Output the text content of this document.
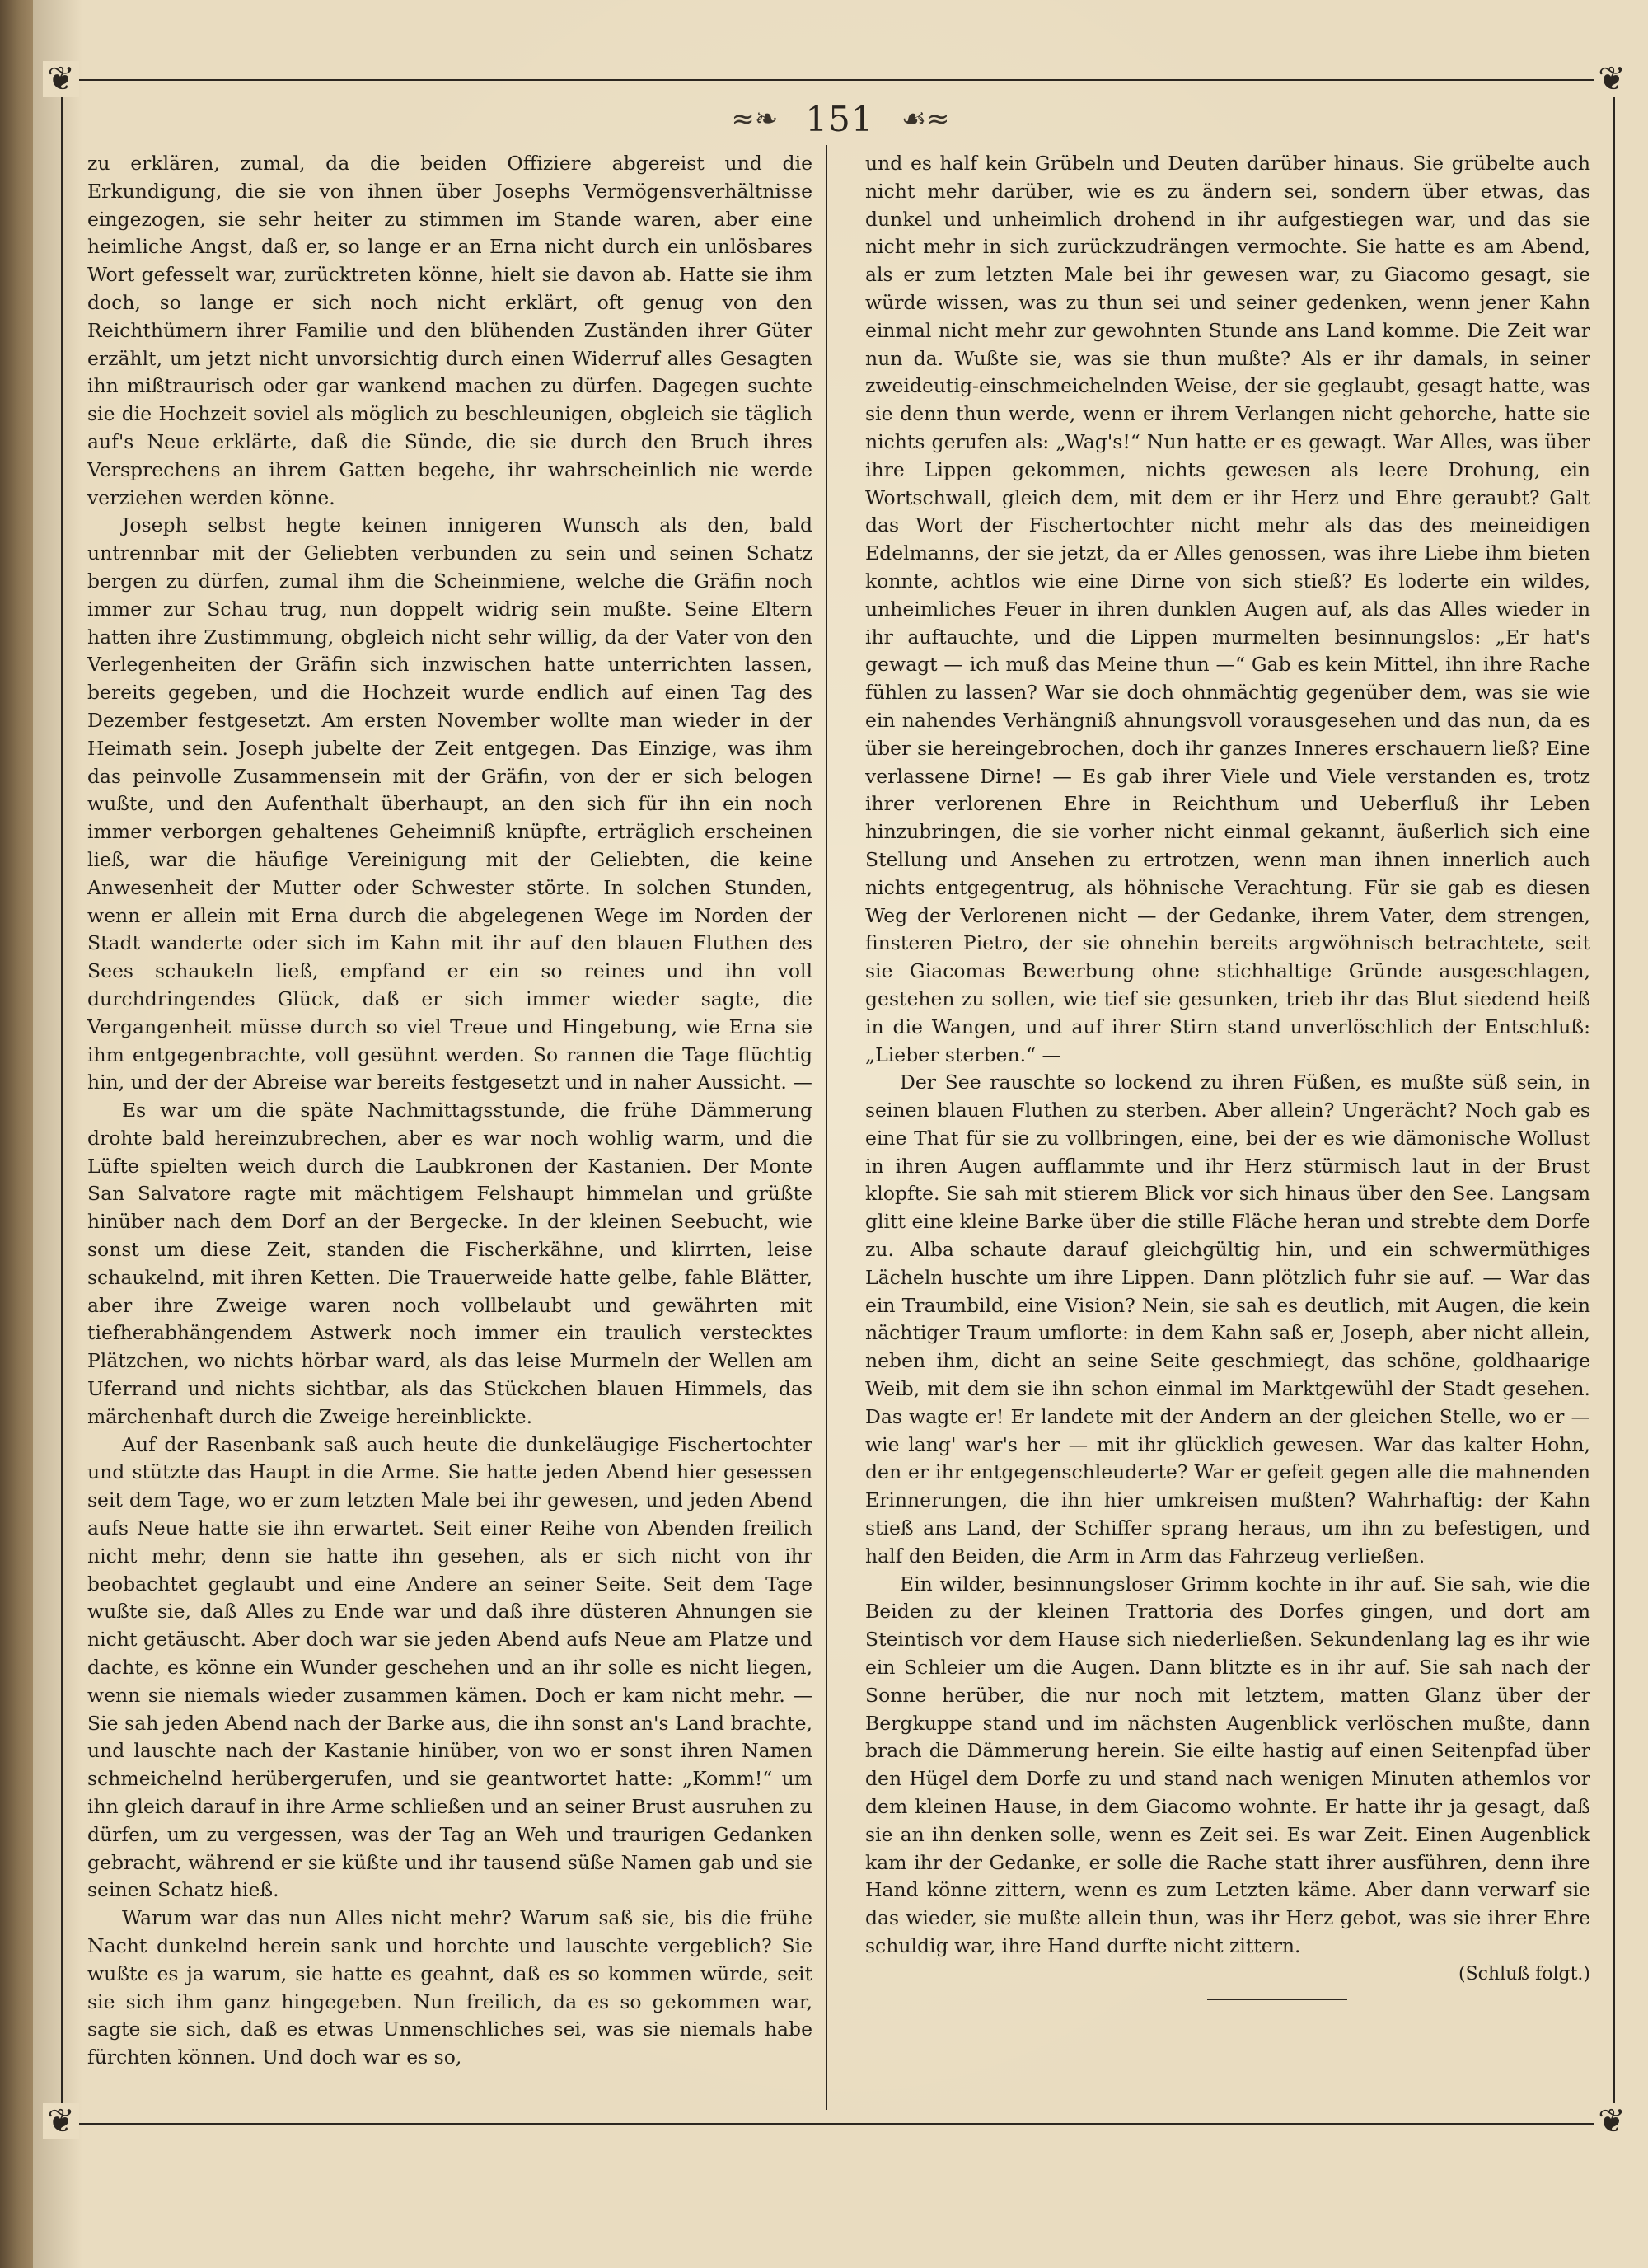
❦	❦
❦	❦
≈❧ 151 ☙≈

zu erklären, zumal, da die beiden Offiziere abgereist und die Erkundigung, die sie von ihnen über Josephs Vermögensverhältnisse eingezogen, sie sehr heiter zu stimmen im Stande waren, aber eine heimliche Angst, daß er, so lange er an Erna nicht durch ein unlösbares Wort gefesselt war, zurücktreten könne, hielt sie davon ab. Hatte sie ihm doch, so lange er sich noch nicht erklärt, oft genug von den Reichthümern ihrer Familie und den blühenden Zuständen ihrer Güter erzählt, um jetzt nicht unvorsichtig durch einen Widerruf alles Gesagten ihn mißtraurisch oder gar wankend machen zu dürfen. Dagegen suchte sie die Hochzeit soviel als möglich zu beschleunigen, obgleich sie täglich auf's Neue erklärte, daß die Sünde, die sie durch den Bruch ihres Versprechens an ihrem Gatten begehe, ihr wahrscheinlich nie werde verziehen werden könne.

Joseph selbst hegte keinen innigeren Wunsch als den, bald untrennbar mit der Geliebten verbunden zu sein und seinen Schatz bergen zu dürfen, zumal ihm die Scheinmiene, welche die Gräfin noch immer zur Schau trug, nun doppelt widrig sein mußte. Seine Eltern hatten ihre Zustimmung, obgleich nicht sehr willig, da der Vater von den Verlegenheiten der Gräfin sich inzwischen hatte unterrichten lassen, bereits gegeben, und die Hochzeit wurde endlich auf einen Tag des Dezember festgesetzt. Am ersten November wollte man wieder in der Heimath sein. Joseph jubelte der Zeit entgegen. Das Einzige, was ihm das peinvolle Zusammensein mit der Gräfin, von der er sich belogen wußte, und den Aufenthalt überhaupt, an den sich für ihn ein noch immer verborgen gehaltenes Geheimniß knüpfte, erträglich erscheinen ließ, war die häufige Vereinigung mit der Geliebten, die keine Anwesenheit der Mutter oder Schwester störte. In solchen Stunden, wenn er allein mit Erna durch die abgelegenen Wege im Norden der Stadt wanderte oder sich im Kahn mit ihr auf den blauen Fluthen des Sees schaukeln ließ, empfand er ein so reines und ihn voll durchdringendes Glück, daß er sich immer wieder sagte, die Vergangenheit müsse durch so viel Treue und Hingebung, wie Erna sie ihm entgegenbrachte, voll gesühnt werden. So rannen die Tage flüchtig hin, und der der Abreise war bereits festgesetzt und in naher Aussicht. —

Es war um die späte Nachmittagsstunde, die frühe Dämmerung drohte bald hereinzubrechen, aber es war noch wohlig warm, und die Lüfte spielten weich durch die Laubkronen der Kastanien. Der Monte San Salvatore ragte mit mächtigem Felshaupt himmelan und grüßte hinüber nach dem Dorf an der Bergecke. In der kleinen Seebucht, wie sonst um diese Zeit, standen die Fischerkähne, und klirrten, leise schaukelnd, mit ihren Ketten. Die Trauerweide hatte gelbe, fahle Blätter, aber ihre Zweige waren noch vollbelaubt und gewährten mit tiefherabhängendem Astwerk noch immer ein traulich verstecktes Plätzchen, wo nichts hörbar ward, als das leise Murmeln der Wellen am Uferrand und nichts sichtbar, als das Stückchen blauen Himmels, das märchenhaft durch die Zweige hereinblickte.

Auf der Rasenbank saß auch heute die dunkeläugige Fischertochter und stützte das Haupt in die Arme. Sie hatte jeden Abend hier gesessen seit dem Tage, wo er zum letzten Male bei ihr gewesen, und jeden Abend aufs Neue hatte sie ihn erwartet. Seit einer Reihe von Abenden freilich nicht mehr, denn sie hatte ihn gesehen, als er sich nicht von ihr beobachtet geglaubt und eine Andere an seiner Seite. Seit dem Tage wußte sie, daß Alles zu Ende war und daß ihre düsteren Ahnungen sie nicht getäuscht. Aber doch war sie jeden Abend aufs Neue am Platze und dachte, es könne ein Wunder geschehen und an ihr solle es nicht liegen, wenn sie niemals wieder zusammen kämen. Doch er kam nicht mehr. — Sie sah jeden Abend nach der Barke aus, die ihn sonst an's Land brachte, und lauschte nach der Kastanie hinüber, von wo er sonst ihren Namen schmeichelnd herübergerufen, und sie geantwortet hatte: „Komm!“ um ihn gleich darauf in ihre Arme schließen und an seiner Brust ausruhen zu dürfen, um zu vergessen, was der Tag an Weh und traurigen Gedanken gebracht, während er sie küßte und ihr tausend süße Namen gab und sie seinen Schatz hieß.

Warum war das nun Alles nicht mehr? Warum saß sie, bis die frühe Nacht dunkelnd herein sank und horchte und lauschte vergeblich? Sie wußte es ja warum, sie hatte es geahnt, daß es so kommen würde, seit sie sich ihm ganz hingegeben. Nun freilich, da es so gekommen war, sagte sie sich, daß es etwas Unmenschliches sei, was sie niemals habe fürchten können. Und doch war es so,

und es half kein Grübeln und Deuten darüber hinaus. Sie grübelte auch nicht mehr darüber, wie es zu ändern sei, sondern über etwas, das dunkel und unheimlich drohend in ihr aufgestiegen war, und das sie nicht mehr in sich zurückzudrängen vermochte. Sie hatte es am Abend, als er zum letzten Male bei ihr gewesen war, zu Giacomo gesagt, sie würde wissen, was zu thun sei und seiner gedenken, wenn jener Kahn einmal nicht mehr zur gewohnten Stunde ans Land komme. Die Zeit war nun da. Wußte sie, was sie thun mußte? Als er ihr damals, in seiner zweideutig-einschmeichelnden Weise, der sie geglaubt, gesagt hatte, was sie denn thun werde, wenn er ihrem Verlangen nicht gehorche, hatte sie nichts gerufen als: „Wag's!“ Nun hatte er es gewagt. War Alles, was über ihre Lippen gekommen, nichts gewesen als leere Drohung, ein Wortschwall, gleich dem, mit dem er ihr Herz und Ehre geraubt? Galt das Wort der Fischertochter nicht mehr als das des meineidigen Edelmanns, der sie jetzt, da er Alles genossen, was ihre Liebe ihm bieten konnte, achtlos wie eine Dirne von sich stieß? Es loderte ein wildes, unheimliches Feuer in ihren dunklen Augen auf, als das Alles wieder in ihr auftauchte, und die Lippen murmelten besinnungslos: „Er hat's gewagt — ich muß das Meine thun —“ Gab es kein Mittel, ihn ihre Rache fühlen zu lassen? War sie doch ohnmächtig gegenüber dem, was sie wie ein nahendes Verhängniß ahnungsvoll vorausgesehen und das nun, da es über sie hereingebrochen, doch ihr ganzes Inneres erschauern ließ? Eine verlassene Dirne! — Es gab ihrer Viele und Viele verstanden es, trotz ihrer verlorenen Ehre in Reichthum und Ueberfluß ihr Leben hinzubringen, die sie vorher nicht einmal gekannt, äußerlich sich eine Stellung und Ansehen zu ertrotzen, wenn man ihnen innerlich auch nichts entgegentrug, als höhnische Verachtung. Für sie gab es diesen Weg der Verlorenen nicht — der Gedanke, ihrem Vater, dem strengen, finsteren Pietro, der sie ohnehin bereits argwöhnisch betrachtete, seit sie Giacomas Bewerbung ohne stichhaltige Gründe ausgeschlagen, gestehen zu sollen, wie tief sie gesunken, trieb ihr das Blut siedend heiß in die Wangen, und auf ihrer Stirn stand unverlöschlich der Entschluß: „Lieber sterben.“ —

Der See rauschte so lockend zu ihren Füßen, es mußte süß sein, in seinen blauen Fluthen zu sterben. Aber allein? Ungerächt? Noch gab es eine That für sie zu vollbringen, eine, bei der es wie dämonische Wollust in ihren Augen aufflammte und ihr Herz stürmisch laut in der Brust klopfte. Sie sah mit stierem Blick vor sich hinaus über den See. Langsam glitt eine kleine Barke über die stille Fläche heran und strebte dem Dorfe zu. Alba schaute darauf gleichgültig hin, und ein schwermüthiges Lächeln huschte um ihre Lippen. Dann plötzlich fuhr sie auf. — War das ein Traumbild, eine Vision? Nein, sie sah es deutlich, mit Augen, die kein nächtiger Traum umflorte: in dem Kahn saß er, Joseph, aber nicht allein, neben ihm, dicht an seine Seite geschmiegt, das schöne, goldhaarige Weib, mit dem sie ihn schon einmal im Marktgewühl der Stadt gesehen. Das wagte er! Er landete mit der Andern an der gleichen Stelle, wo er — wie lang' war's her — mit ihr glücklich gewesen. War das kalter Hohn, den er ihr entgegenschleuderte? War er gefeit gegen alle die mahnenden Erinnerungen, die ihn hier umkreisen mußten? Wahrhaftig: der Kahn stieß ans Land, der Schiffer sprang heraus, um ihn zu befestigen, und half den Beiden, die Arm in Arm das Fahrzeug verließen.

Ein wilder, besinnungsloser Grimm kochte in ihr auf. Sie sah, wie die Beiden zu der kleinen Trattoria des Dorfes gingen, und dort am Steintisch vor dem Hause sich niederließen. Sekundenlang lag es ihr wie ein Schleier um die Augen. Dann blitzte es in ihr auf. Sie sah nach der Sonne herüber, die nur noch mit letztem, matten Glanz über der Bergkuppe stand und im nächsten Augenblick verlöschen mußte, dann brach die Dämmerung herein. Sie eilte hastig auf einen Seitenpfad über den Hügel dem Dorfe zu und stand nach wenigen Minuten athemlos vor dem kleinen Hause, in dem Giacomo wohnte. Er hatte ihr ja gesagt, daß sie an ihn denken solle, wenn es Zeit sei. Es war Zeit. Einen Augenblick kam ihr der Gedanke, er solle die Rache statt ihrer ausführen, denn ihre Hand könne zittern, wenn es zum Letzten käme. Aber dann verwarf sie das wieder, sie mußte allein thun, was ihr Herz gebot, was sie ihrer Ehre schuldig war, ihre Hand durfte nicht zittern.

(Schluß folgt.)
